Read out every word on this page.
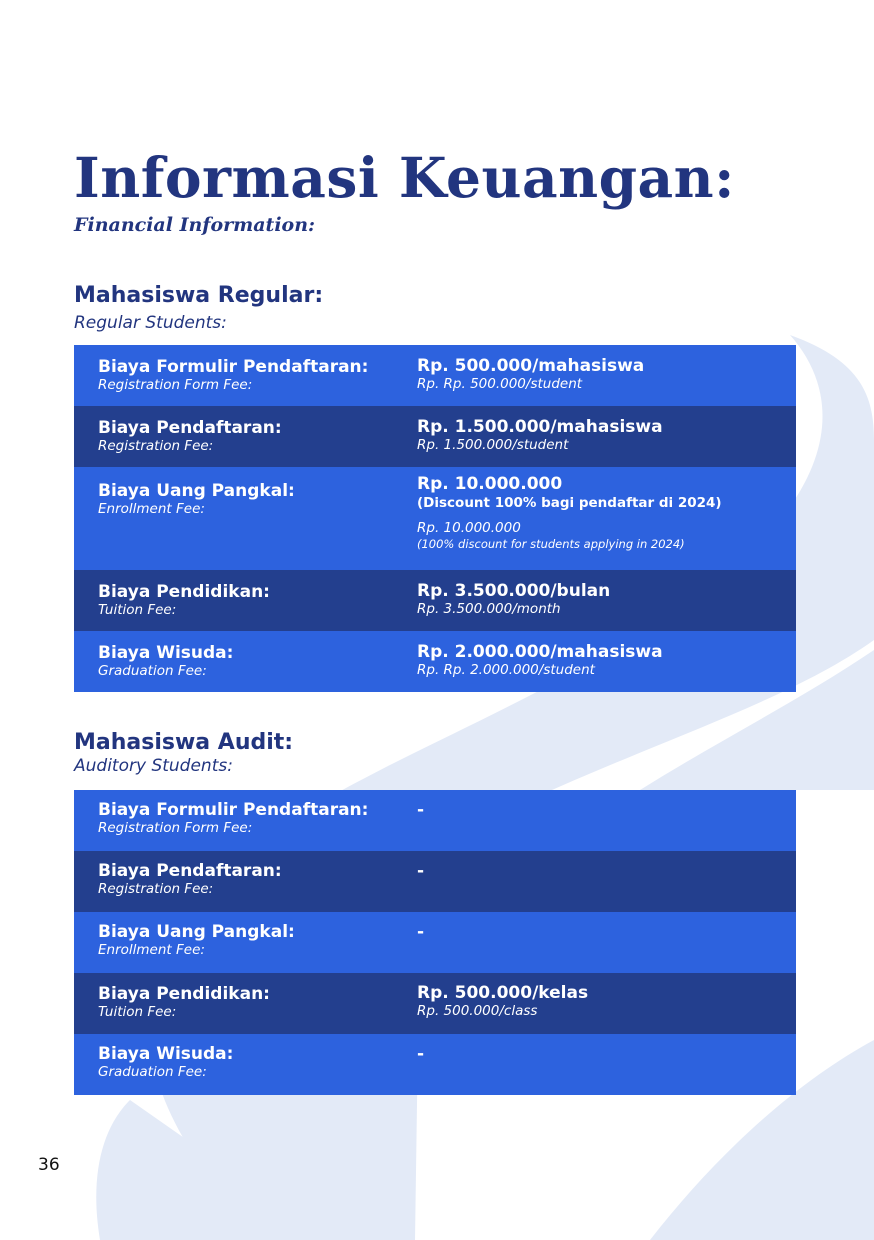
Informasi Keuangan:
Financial Information:
Mahasiswa Regular:
Regular Students:
Biaya Formulir Pendaftaran:
Registration Form Fee:
Rp. 500.000/mahasiswa
Rp. Rp. 500.000/student
Biaya Pendaftaran:
Registration Fee:
Rp. 1.500.000/mahasiswa
Rp. 1.500.000/student
Biaya Uang Pangkal:
Enrollment Fee:
Rp. 10.000.000
(Discount 100% bagi pendaftar di 2024)
Rp. 10.000.000
(100% discount for students applying in 2024)
Biaya Pendidikan:
Tuition Fee:
Rp. 3.500.000/bulan
Rp. 3.500.000/month
Biaya Wisuda:
Graduation Fee:
Rp. 2.000.000/mahasiswa
Rp. Rp. 2.000.000/student
Mahasiswa Audit:
Auditory Students:
Biaya Formulir Pendaftaran:
Registration Form Fee:
-
Biaya Pendaftaran:
Registration Fee:
-
Biaya Uang Pangkal:
Enrollment Fee:
-
Biaya Pendidikan:
Tuition Fee:
Rp. 500.000/kelas
Rp. 500.000/class
Biaya Wisuda:
Graduation Fee:
-
36
